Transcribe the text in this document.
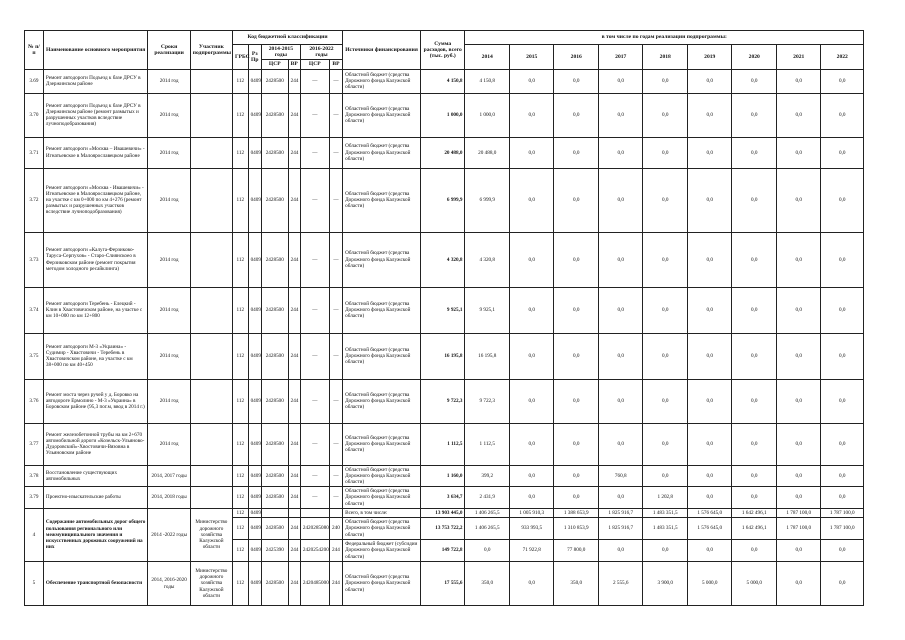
№ п/п	Наименование основного мероприятия	Сроки реализации	Участник подпрограммы	Код бюджетной классификации						Источники финансирования	Сумма расходов, всего (тыс. руб.)	в том числе по годам реализации подпрограммы:								
				ГРБС	Рз Пр	2014-2015 годы		2016-2022 годы				2014	2015	2016	2017	2018	2019	2020	2021	2022
						ЦСР	ВР	ЦСР	ВР											
3.69	Ремонт автодороги Подъезд к базе ДРСУ в Дзержинском районе	2014 год		112	0409	2428500	244	—	—	Областной бюджет (средства Дорожного фонда Калужской области)	4 150,8	4 150,8	0,0	0,0	0,0	0,0	0,0	0,0	0,0	0,0
3.70	Ремонт автодороги Подъезд к базе ДРСУ в Дзержинском районе (ремонт размытых и разрушенных участков вследствие лучноподобразования)	2014 год		112	0409	2428500	244	—	—	Областной бюджет (средства Дорожного фонда Калужской области)	1 000,0	1 000,0	0,0	0,0	0,0	0,0	0,0	0,0	0,0	0,0
3.71	Ремонт автодороги «Москва – Ивашевичи» - Игнатьевское в Малоярославецком районе	2014 год		112	0409	2428500	244	—	—	Областной бюджет (средства Дорожного фонда Калужской области)	20 488,0	20 488,0	0,0	0,0	0,0	0,0	0,0	0,0	0,0	0,0
3.72	Ремонт автодороги «Москва - Ивашевичи» - Игнатьевское в Малоярославецком районе, на участке с км 0+000 по км 4+276 (ремонт размытых и разрушенных участков вследствие лучноподобразования)	2014 год		112	0409	2428500	244	—	—	Областной бюджет (средства Дорожного фонда Калужской области)	6 999,9	6 999,9	0,0	0,0	0,0	0,0	0,0	0,0	0,0	0,0
3.73	Ремонт автодороги «Калуга-Ферзиково-Таруса-Серпухов» - Старо-Слиянскоео в Ферзиковском районе (ремонт покрытия методом холодного ресайклинга)	2014 год		112	0409	2428500	244	—	—	Областной бюджет (средства Дорожного фонда Калужской области)	4 320,8	4 320,8	0,0	0,0	0,0	0,0	0,0	0,0	0,0	0,0
3.74	Ремонт автодороги Теребень - Елецкий - Клин в Хвастовичском районе, на участке с км 10+000 по км 12+800	2014 год		112	0409	2428500	244	—	—	Областной бюджет (средства Дорожного фонда Калужской области)	9 925,1	9 925,1	0,0	0,0	0,0	0,0	0,0	0,0	0,0	0,0
3.75	Ремонт автодороги М-3 «Украина» - Судимир - Хвастовичи - Теребень в Хвастовичском районе, на участке с км 38+000 по км 40+450	2014 год		112	0409	2428500	244	—	—	Областной бюджет (средства Дорожного фонда Калужской области)	16 195,8	16 195,8	0,0	0,0	0,0	0,0	0,0	0,0	0,0	0,0
3.76	Ремонт моста через ручей у д. Боровко на автодороге Ермолино - М-3 «Украина» в Боровском районе (95,3 пог.м, ввод в 2014 г.)	2014 год		112	0409	2428500	244	—	—	Областной бюджет (средства Дорожного фонда Калужской области)	9 722,3	9 722,3	0,0	0,0	0,0	0,0	0,0	0,0	0,0	0,0
3.77	Ремонт железобетонной трубы на км 2+670 автомобильной дороги «Козельск-Ульяново-Дудоровский»-Хвостовичи-Вязовна в Ульяновском районе	2014 год		112	0409	2428500	244	—	—	Областной бюджет (средства Дорожного фонда Калужской области)	1 112,5	1 112,5	0,0	0,0	0,0	0,0	0,0	0,0	0,0	0,0
3.78	Восстановление существующих автомобильных	2014, 2017 годы		112	0409	2428500	244	—	—	Областной бюджет (средства Дорожного фонда Калужской области)	1 160,0	399,2	0,0	0,0	760,8	0,0	0,0	0,0	0,0	0,0
3.79	Проектно-изыскательские работы	2014, 2018 годы		112	0409	2428500	244	—	—	Областной бюджет (средства Дорожного фонда Калужской области)	3 634,7	2 431,9	0,0	0,0	0,0	1 202,8	0,0	0,0	0,0	0,0
4	Содержание автомобильных дорог общего пользования регионального или межмуниципального значения и искусственных дорожных сооружений на них	2014 -2022 годы	Министерство дорожного хозяйства Калужской области	112	0409					Всего, в том числе:	13 903 445,0	1 406 265,5	1 005 910,3	1 388 653,9	1 825 916,7	1 483 351,5	1 576 645,0	1 642 496,1	1 787 100,0	1 787 100,0
				112	0409	2428500	244	2420285080	240	Областной бюджет (средства Дорожного фонда Калужской области)	13 753 722,2	1 406 265,5	933 993,5	1 310 853,9	1 825 916,7	1 483 351,5	1 576 645,0	1 642 496,1	1 787 100,0	1 787 100,0
				112	0409	2425390	244	2420254200	244	Федеральный бюджет (субсидии Дорожного фонда Калужской области)	149 722,8	0,0	71 922,8	77 800,0	0,0	0,0	0,0	0,0	0,0	0,0
5	Обеспечение транспортной безопасности	2014, 2016-2020 годы	Министерство дорожного хозяйства Калужской области	112	0409	2428500	244	2420485000	244	Областной бюджет (средства Дорожного фонда Калужской области)	17 555,6	350,0	0,0	350,0	2 555,6	3 900,0	5 000,0	5 000,0	0,0	0,0
